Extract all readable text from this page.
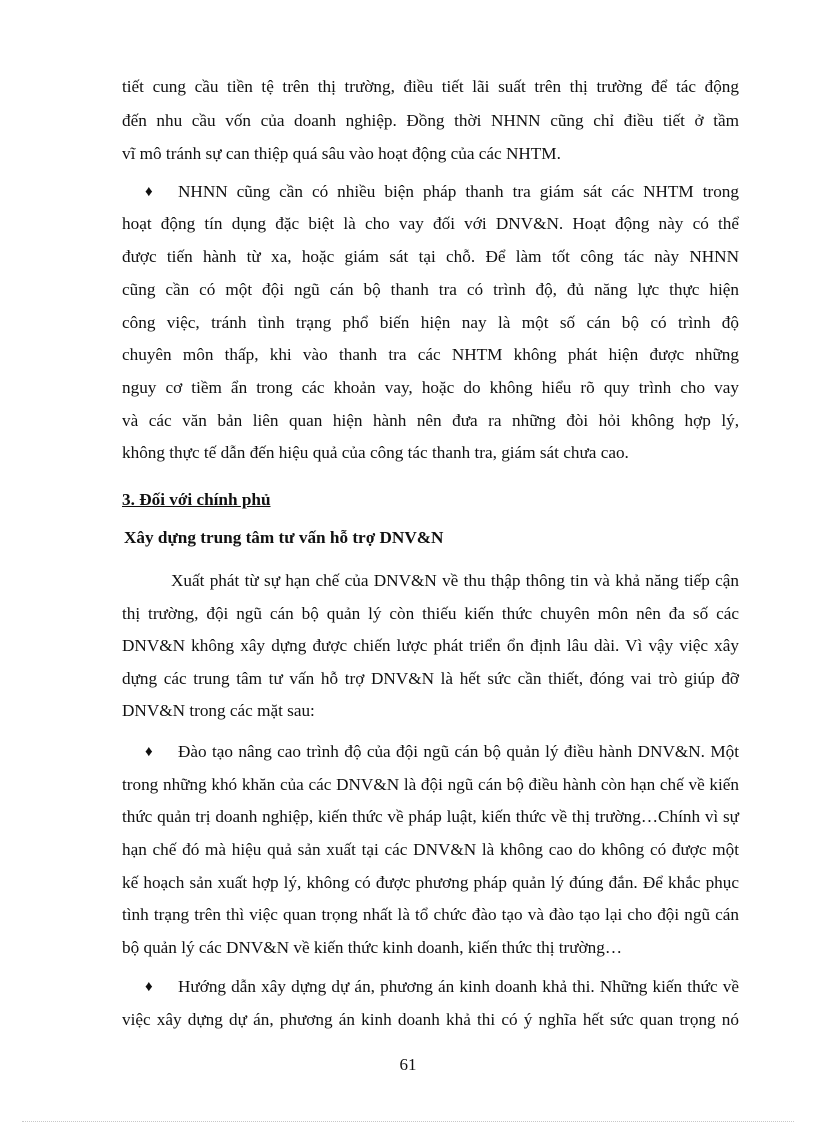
tiết cung cầu tiền tệ trên thị trường, điều tiết lãi suất trên thị trường để tác động
đến nhu cầu vốn của doanh nghiệp. Đồng thời NHNN cũng chỉ điều tiết ở tầm
vĩ mô tránh sự can thiệp quá sâu vào hoạt động của các NHTM.
♦ NHNN cũng cần có nhiều biện pháp thanh tra giám sát các NHTM trong
hoạt động tín dụng đặc biệt là cho vay đối với DNV&N. Hoạt động này có thể
được tiến hành từ xa, hoặc giám sát tại chỗ. Để làm tốt công tác này NHNN
cũng cần có một đội ngũ cán bộ thanh tra có trình độ, đủ năng lực thực hiện
công việc, tránh tình trạng phổ biến hiện nay là một số cán bộ có trình độ
chuyên môn thấp, khi vào thanh tra các NHTM không phát hiện được những
nguy cơ tiềm ẩn trong các khoản vay, hoặc do không hiểu rõ quy trình cho vay
và các văn bản liên quan hiện hành nên đưa ra những đòi hỏi không hợp lý,
không thực tế dẫn đến hiệu quả của công tác thanh tra, giám sát chưa cao.
3. Đối với chính phủ
Xây dựng trung tâm tư vấn hỗ trợ DNV&N
Xuất phát từ sự hạn chế của DNV&N về thu thập thông tin và khả năng tiếp cận
thị trường, đội ngũ cán bộ quản lý còn thiếu kiến thức chuyên môn nên đa số các
DNV&N không xây dựng được chiến lược phát triển ổn định lâu dài. Vì vậy việc xây
dựng các trung tâm tư vấn hỗ trợ DNV&N là hết sức cần thiết, đóng vai trò giúp đỡ
DNV&N trong các mặt sau:
♦ Đào tạo nâng cao trình độ của đội ngũ cán bộ quản lý điều hành DNV&N. Một
trong những khó khăn của các DNV&N là đội ngũ cán bộ điều hành còn hạn chế về kiến
thức quản trị doanh nghiệp, kiến thức về pháp luật, kiến thức về thị trường…Chính vì sự
hạn chế đó mà hiệu quả sản xuất tại các DNV&N là không cao do không có được một
kế hoạch sản xuất hợp lý, không có được phương pháp quản lý đúng đắn. Để khắc phục
tình trạng trên thì việc quan trọng nhất là tổ chức đào tạo và đào tạo lại cho đội ngũ cán
bộ quản lý các DNV&N về kiến thức kinh doanh, kiến thức thị trường…
♦ Hướng dẫn xây dựng dự án, phương án kinh doanh khả thi. Những kiến thức về
việc xây dựng dự án, phương án kinh doanh khả thi có ý nghĩa hết sức quan trọng nó
61
